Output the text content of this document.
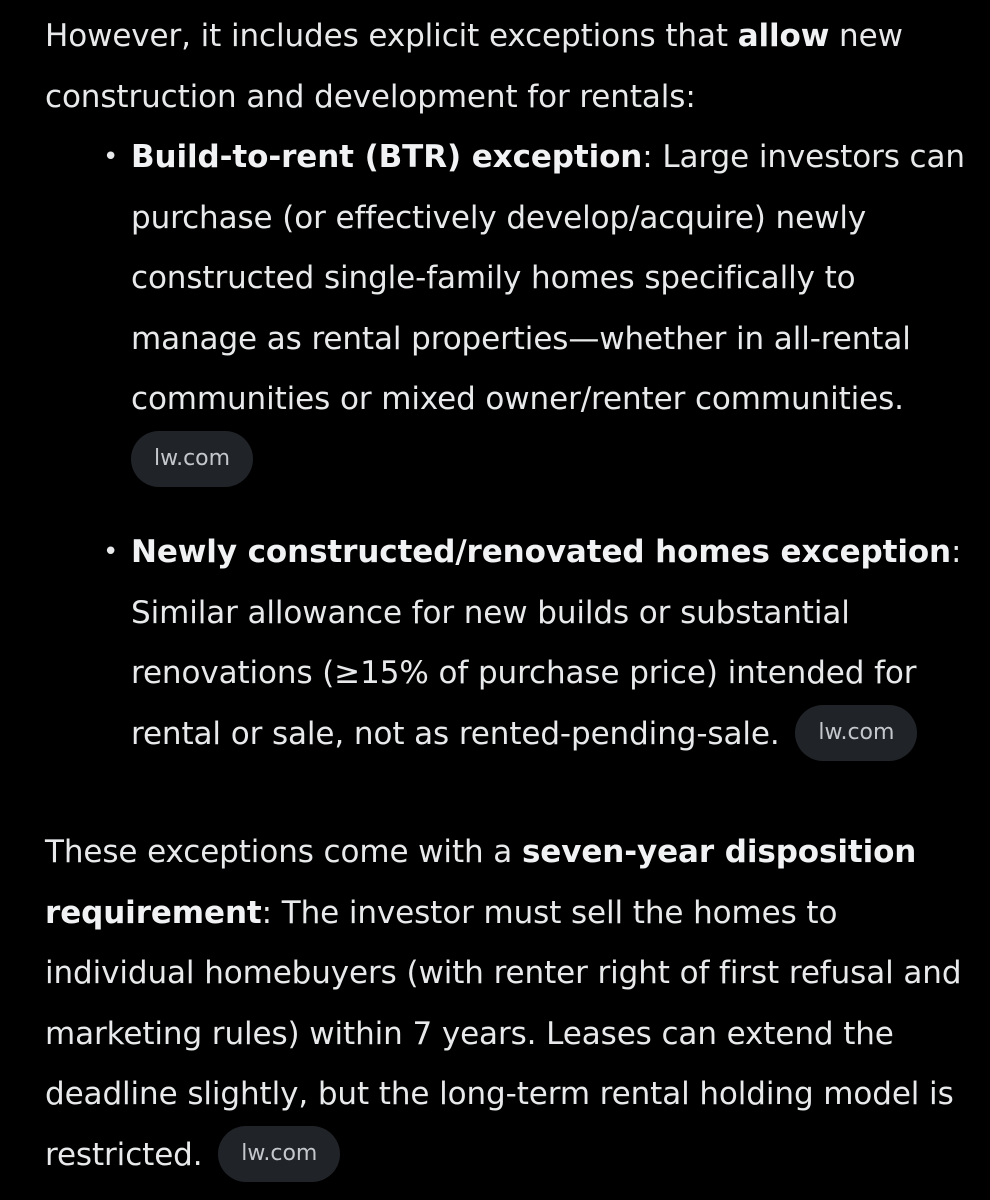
However, it includes explicit exceptions that allow new construction and development for rentals:

• Build-to-rent (BTR) exception: Large investors can purchase (or effectively develop/acquire) newly constructed single-family homes specifically to manage as rental properties—whether in all-rental communities or mixed owner/renter communities.
lw.com
• Newly constructed/renovated homes exception: Similar allowance for new builds or substantial renovations (≥15% of purchase price) intended for rental or sale, not as rented-pending-sale. lw.com

These exceptions come with a seven-year disposition requirement: The investor must sell the homes to individual homebuyers (with renter right of first refusal and marketing rules) within 7 years. Leases can extend the deadline slightly, but the long-term rental holding model is restricted. lw.com
